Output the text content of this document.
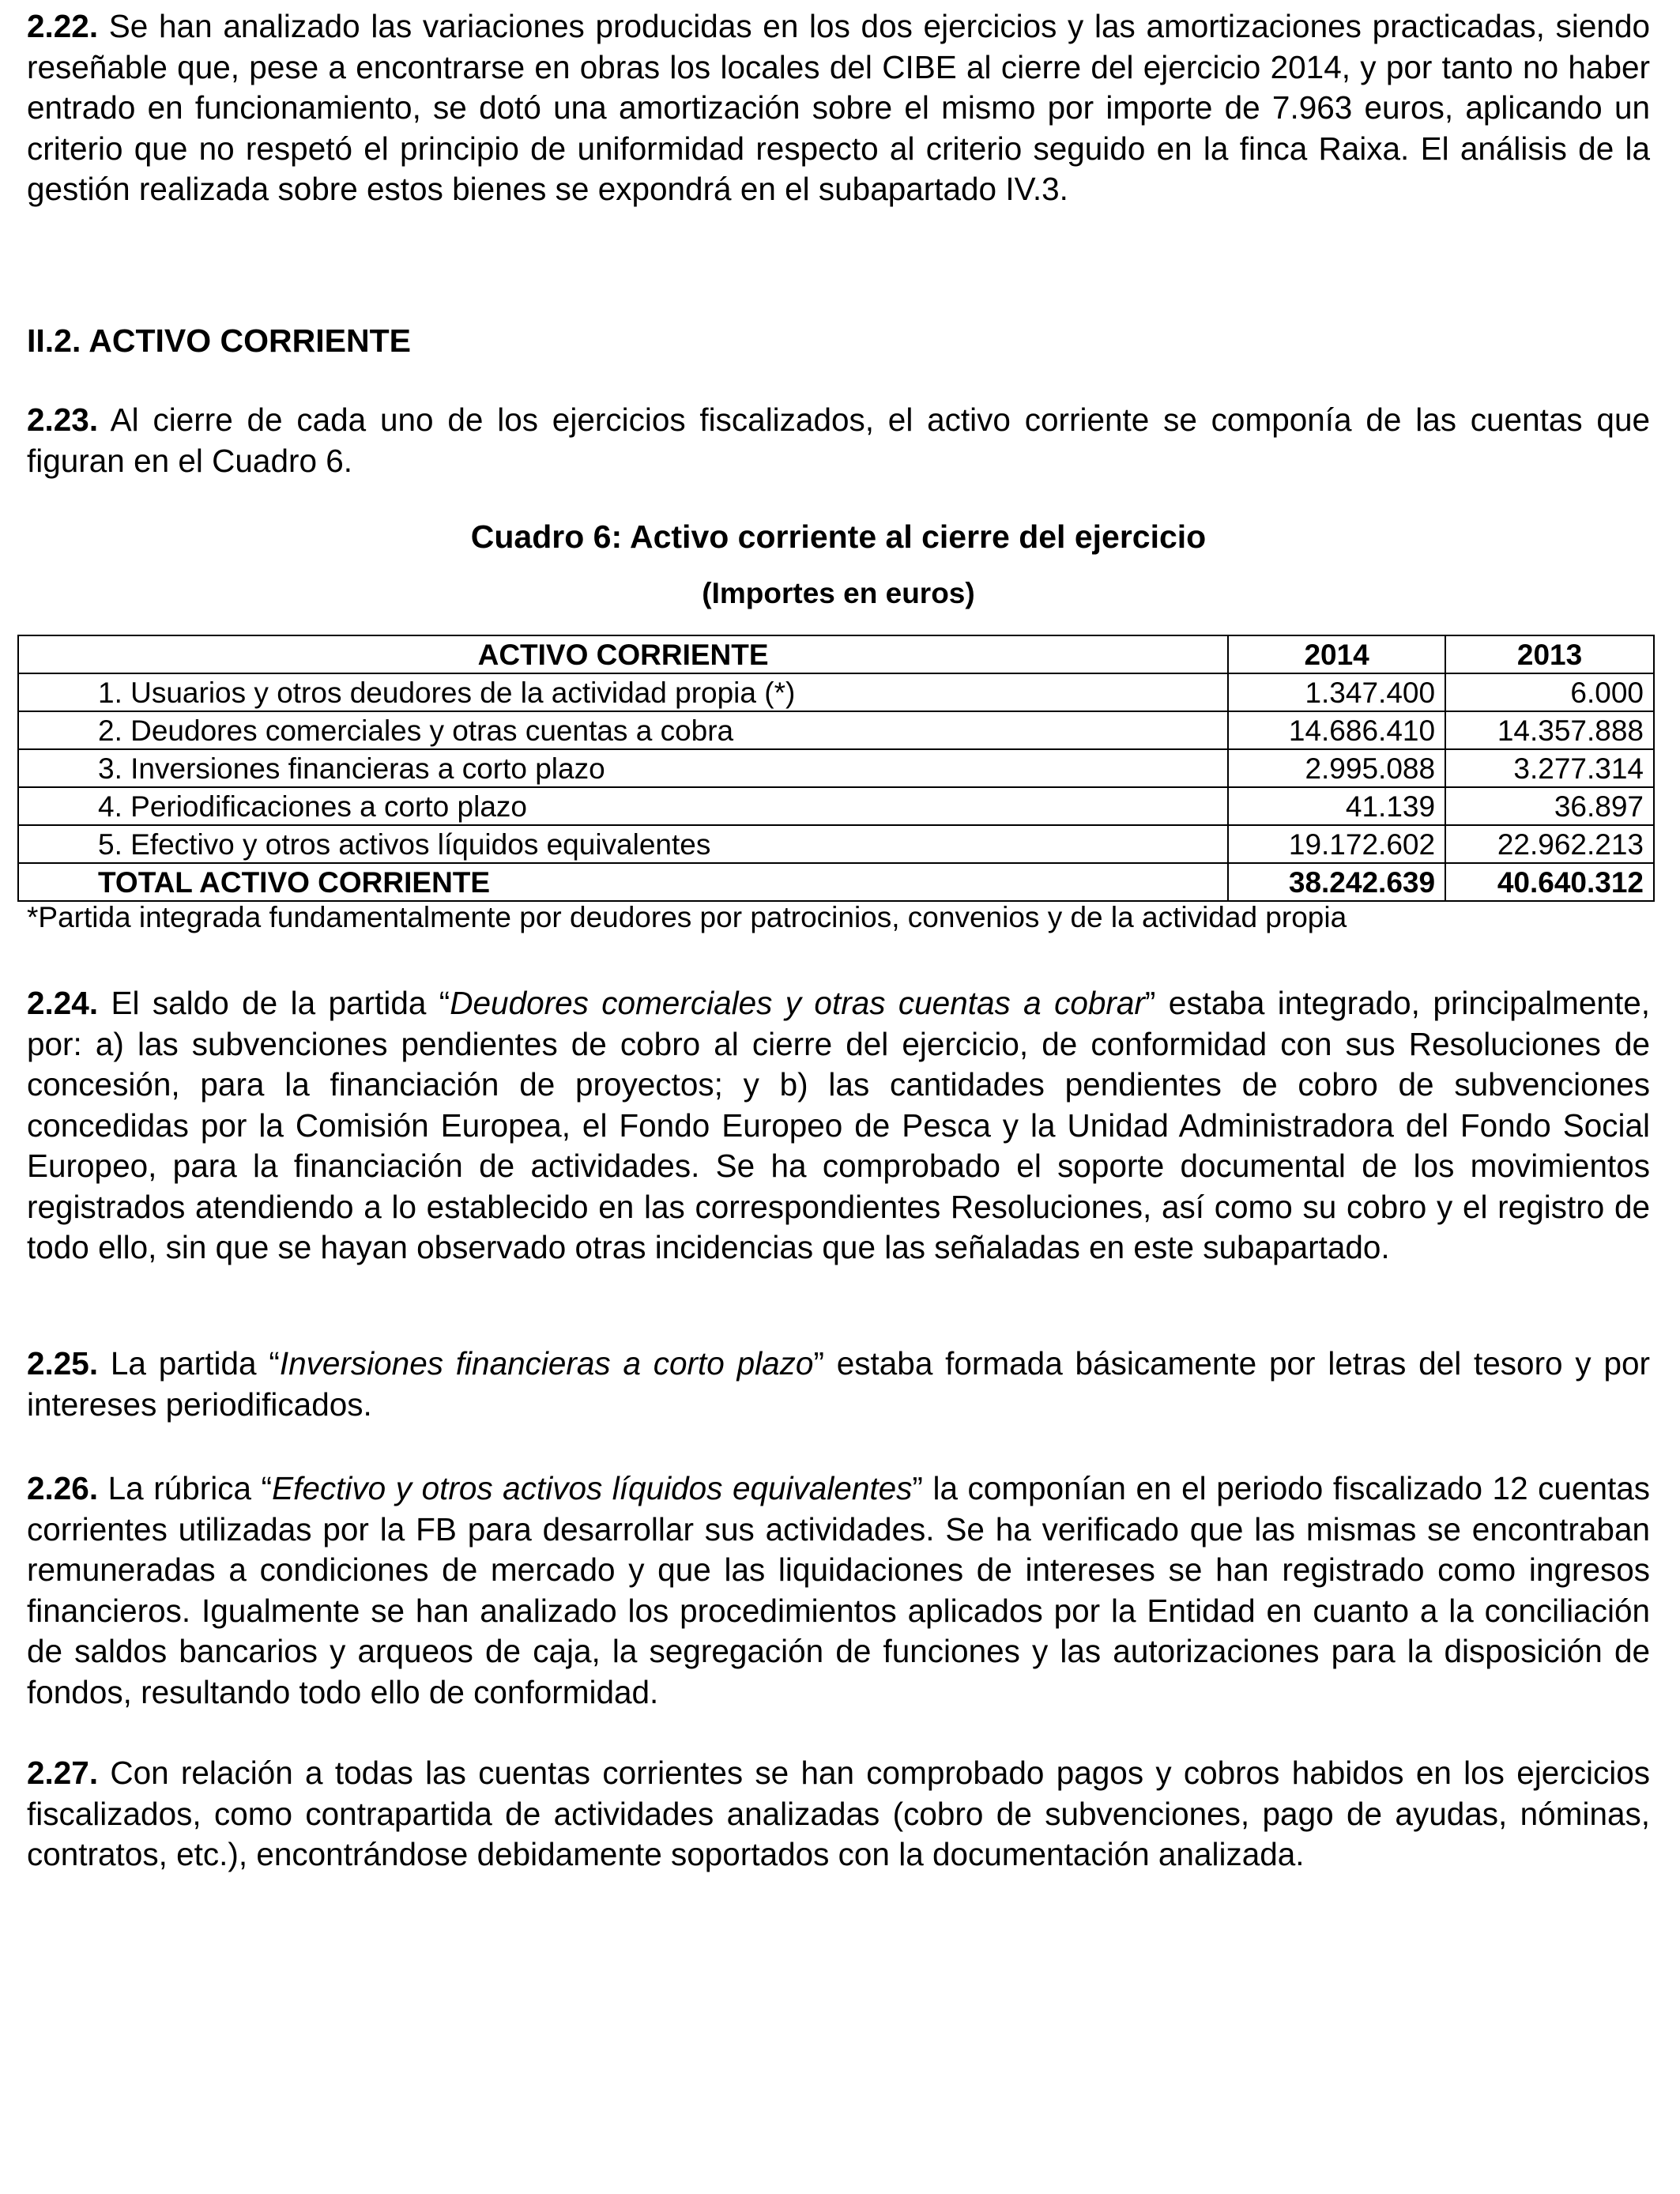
2.22. Se han analizado las variaciones producidas en los dos ejercicios y las amortizaciones practicadas, siendo reseñable que, pese a encontrarse en obras los locales del CIBE al cierre del ejercicio 2014, y por tanto no haber entrado en funcionamiento, se dotó una amortización sobre el mismo por importe de 7.963 euros, aplicando un criterio que no respetó el principio de uniformidad respecto al criterio seguido en la finca Raixa. El análisis de la gestión realizada sobre estos bienes se expondrá en el subapartado IV.3.

II.2. ACTIVO CORRIENTE

2.23. Al cierre de cada uno de los ejercicios fiscalizados, el activo corriente se componía de las cuentas que figuran en el Cuadro 6.

Cuadro 6: Activo corriente al cierre del ejercicio
(Importes en euros)
ACTIVO CORRIENTE	2014	2013
1. Usuarios y otros deudores de la actividad propia (*)	1.347.400	6.000
2. Deudores comerciales y otras cuentas a cobra	14.686.410	14.357.888
3. Inversiones financieras a corto plazo	2.995.088	3.277.314
4. Periodificaciones a corto plazo	41.139	36.897
5. Efectivo y otros activos líquidos equivalentes	19.172.602	22.962.213
TOTAL ACTIVO CORRIENTE	38.242.639	40.640.312

*Partida integrada fundamentalmente por deudores por patrocinios, convenios y de la actividad propia

2.24. El saldo de la partida “Deudores comerciales y otras cuentas a cobrar” estaba integrado, principalmente, por: a) las subvenciones pendientes de cobro al cierre del ejercicio, de conformidad con sus Resoluciones de concesión, para la financiación de proyectos; y b) las cantidades pendientes de cobro de subvenciones concedidas por la Comisión Europea, el Fondo Europeo de Pesca y la Unidad Administradora del Fondo Social Europeo, para la financiación de actividades. Se ha comprobado el soporte documental de los movimientos registrados atendiendo a lo establecido en las correspondientes Resoluciones, así como su cobro y el registro de todo ello, sin que se hayan observado otras incidencias que las señaladas en este subapartado.

2.25. La partida “Inversiones financieras a corto plazo” estaba formada básicamente por letras del tesoro y por intereses periodificados.

2.26. La rúbrica “Efectivo y otros activos líquidos equivalentes” la componían en el periodo fiscalizado 12 cuentas corrientes utilizadas por la FB para desarrollar sus actividades. Se ha verificado que las mismas se encontraban remuneradas a condiciones de mercado y que las liquidaciones de intereses se han registrado como ingresos financieros. Igualmente se han analizado los procedimientos aplicados por la Entidad en cuanto a la conciliación de saldos bancarios y arqueos de caja, la segregación de funciones y las autorizaciones para la disposición de fondos, resultando todo ello de conformidad.

2.27. Con relación a todas las cuentas corrientes se han comprobado pagos y cobros habidos en los ejercicios fiscalizados, como contrapartida de actividades analizadas (cobro de subvenciones, pago de ayudas, nóminas, contratos, etc.), encontrándose debidamente soportados con la documentación analizada.
